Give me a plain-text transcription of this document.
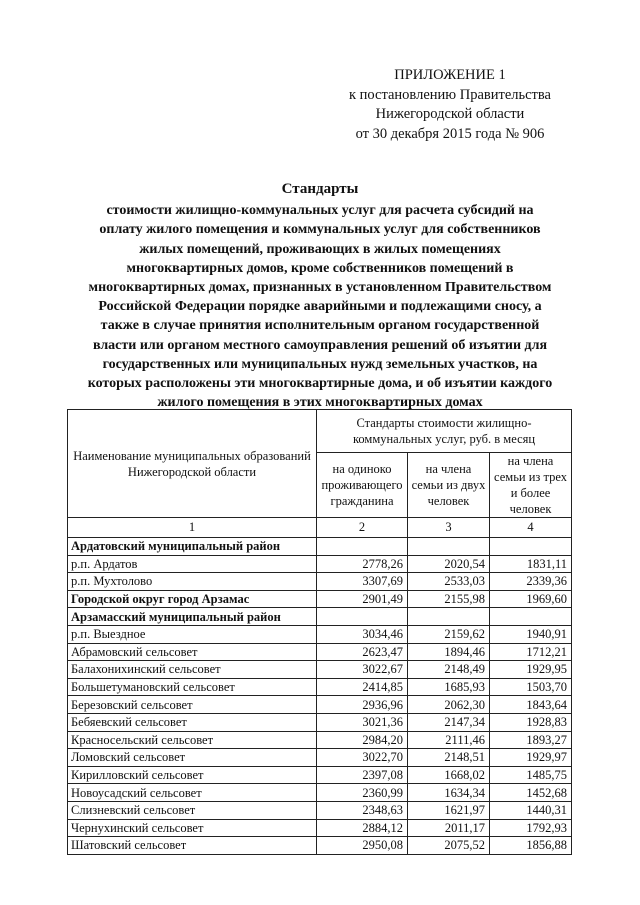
ПРИЛОЖЕНИЕ 1
к постановлению Правительства
Нижегородской области
от 30 декабря 2015 года № 906
Стандарты
стоимости жилищно-коммунальных услуг для расчета субсидий на
оплату жилого помещения и коммунальных услуг для собственников
жилых помещений, проживающих в жилых помещениях
многоквартирных домов, кроме собственников помещений в
многоквартирных домах, признанных в установленном Правительством
Российской Федерации порядке аварийными и подлежащими сносу, а
также в случае принятия исполнительным органом государственной
власти или органом местного самоуправления решений об изъятии для
государственных или муниципальных нужд земельных участков, на
которых расположены эти многоквартирные дома, и об изъятии каждого
жилого помещения в этих многоквартирных домах
Наименование муниципальных образований Нижегородской области	Стандарты стоимости жилищно-коммунальных услуг, руб. в месяц		
	на одиноко проживающего гражданина	на члена семьи из двух человек	на члена семьи из трех и более человек
1	2	3	4
Ардатовский муниципальный район			
р.п. Ардатов	2778,26	2020,54	1831,11
р.п. Мухтолово	3307,69	2533,03	2339,36
Городской округ город Арзамас	2901,49	2155,98	1969,60
Арзамасский муниципальный район			
р.п. Выездное	3034,46	2159,62	1940,91
Абрамовский сельсовет	2623,47	1894,46	1712,21
Балахонихинский сельсовет	3022,67	2148,49	1929,95
Большетумановский сельсовет	2414,85	1685,93	1503,70
Березовский сельсовет	2936,96	2062,30	1843,64
Бебяевский сельсовет	3021,36	2147,34	1928,83
Красносельский сельсовет	2984,20	2111,46	1893,27
Ломовский сельсовет	3022,70	2148,51	1929,97
Кирилловский сельсовет	2397,08	1668,02	1485,75
Новоусадский сельсовет	2360,99	1634,34	1452,68
Слизневский сельсовет	2348,63	1621,97	1440,31
Чернухинский сельсовет	2884,12	2011,17	1792,93
Шатовский сельсовет	2950,08	2075,52	1856,88
